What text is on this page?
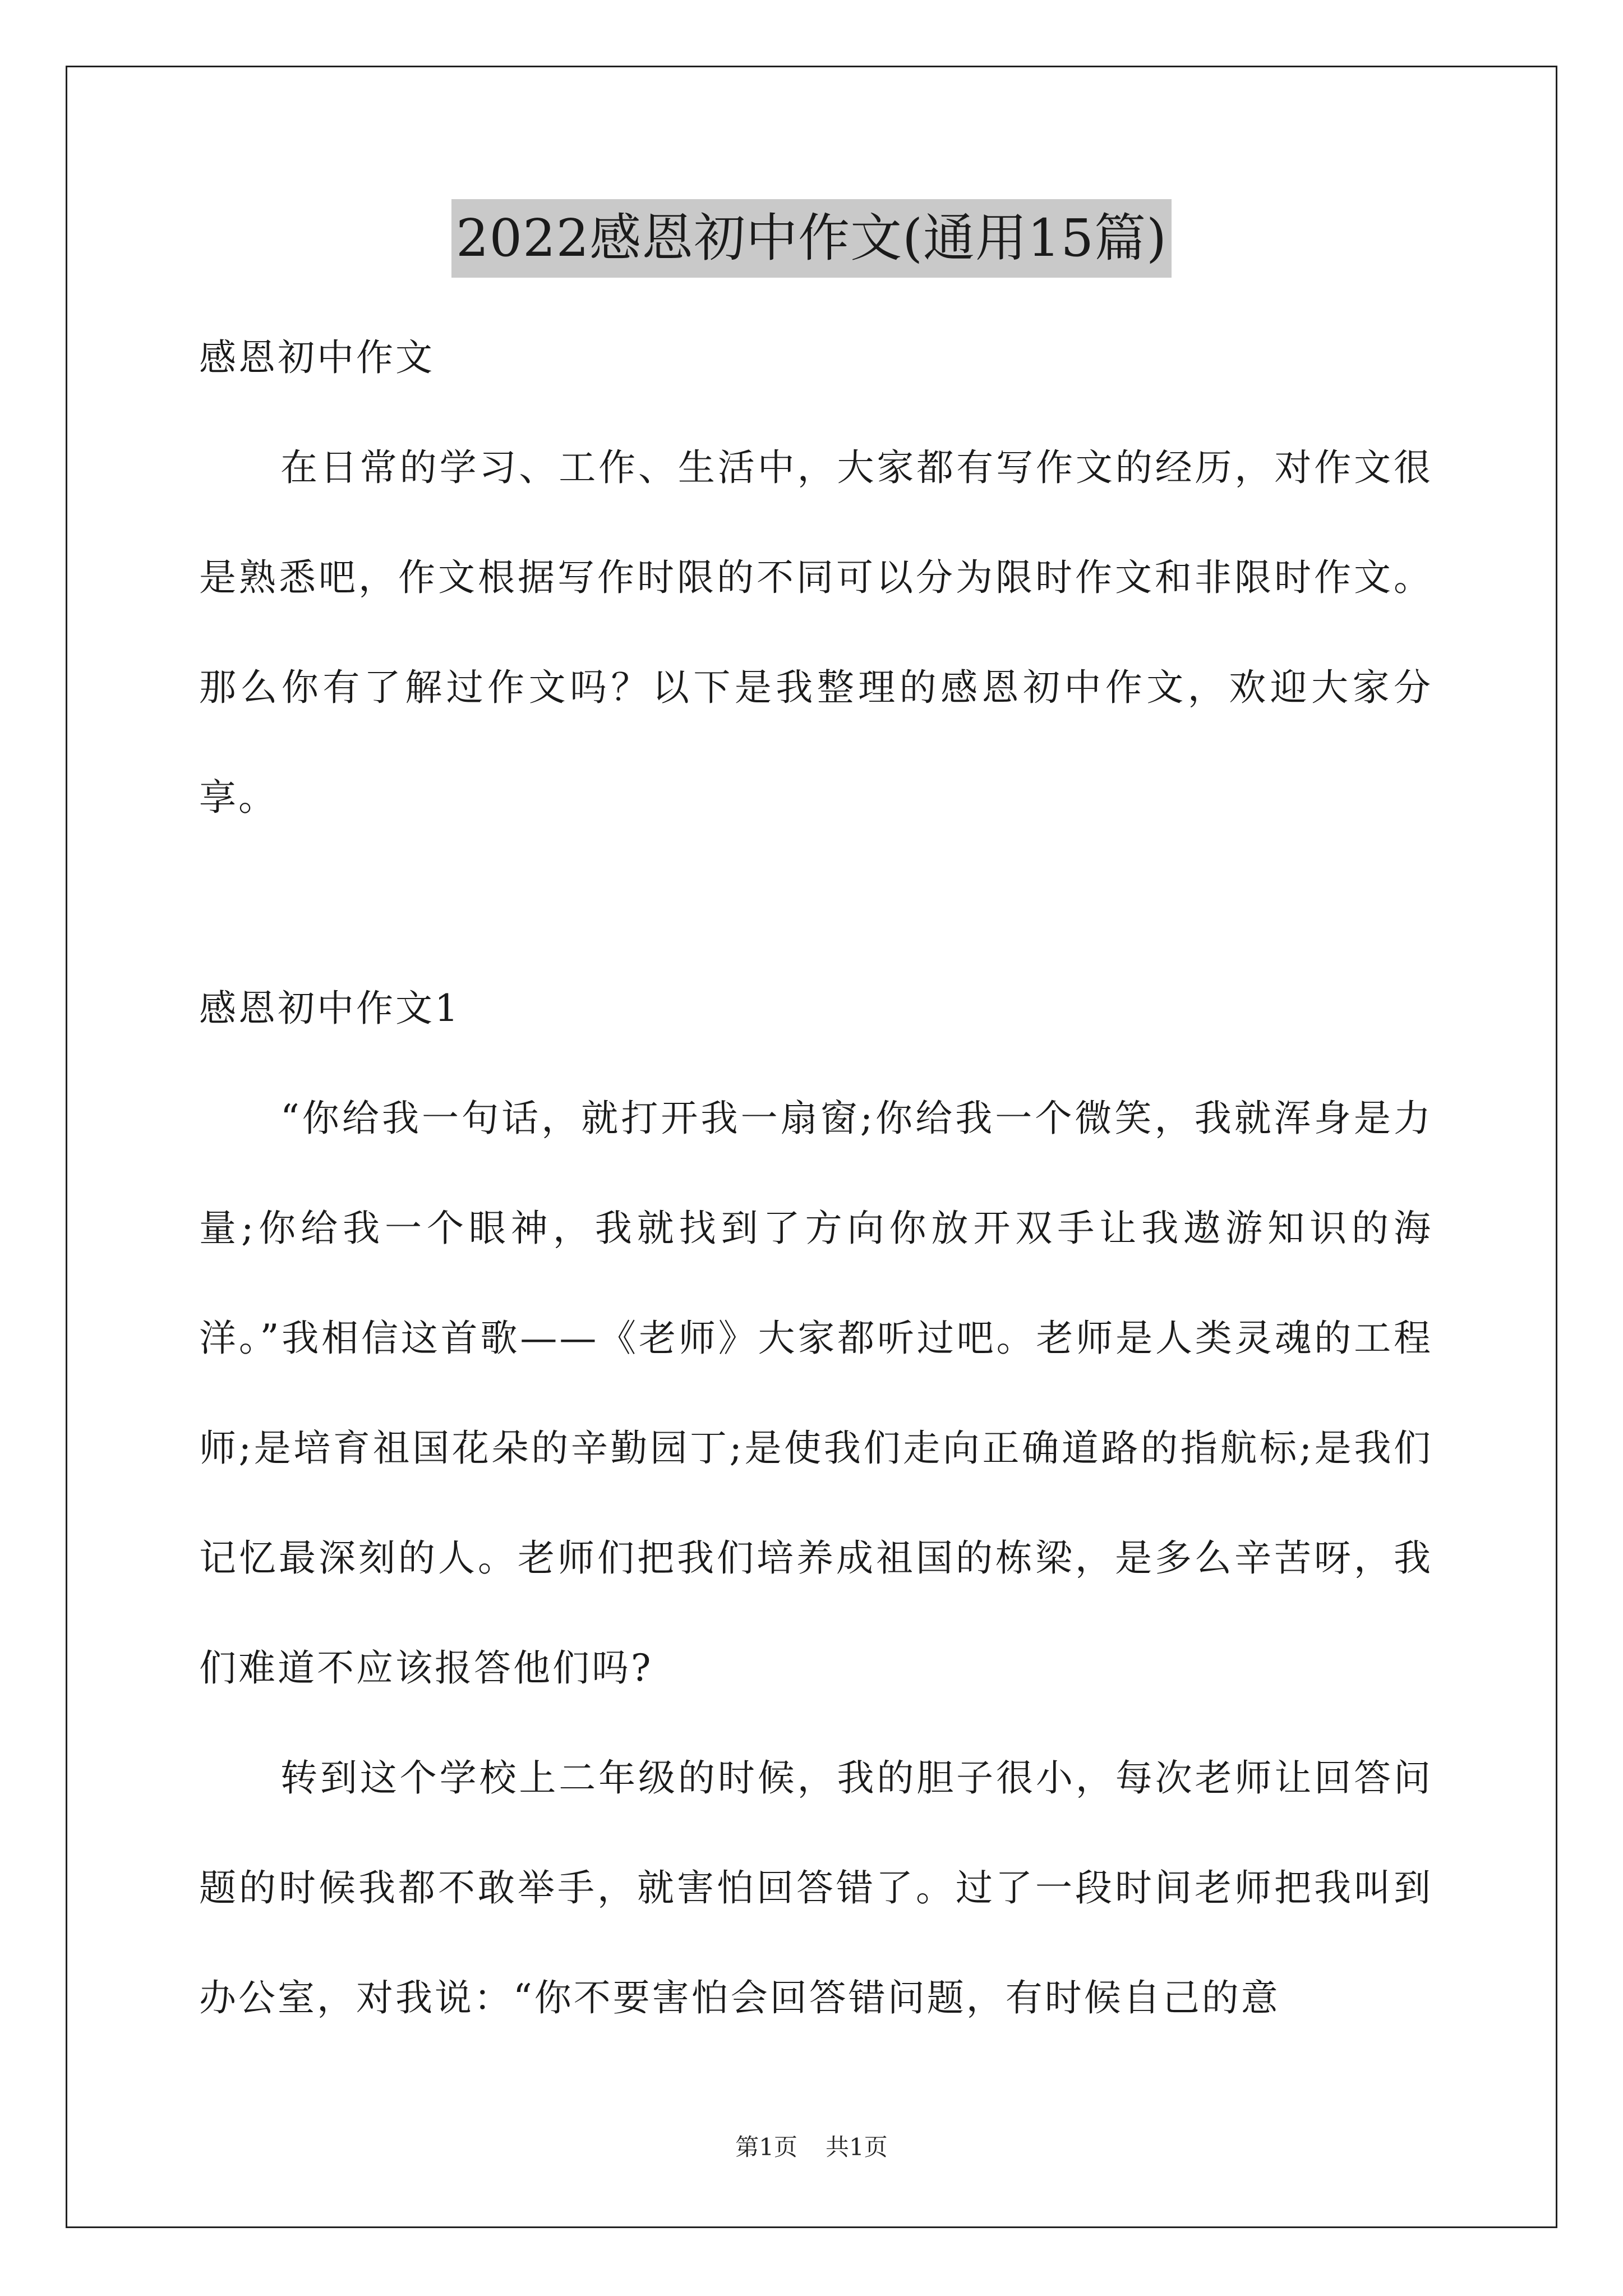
2022感恩初中作文(通用15篇)

感恩初中作文

在日常的学习、工作、生活中，大家都有写作文的经历，对作文很是熟悉吧，作文根据写作时限的不同可以分为限时作文和非限时作文。那么你有了解过作文吗？以下是我整理的感恩初中作文，欢迎大家分享。

感恩初中作文1

“你给我一句话，就打开我一扇窗;你给我一个微笑，我就浑身是力量;你给我一个眼神，我就找到了方向你放开双手让我遨游知识的海洋。”我相信这首歌——《老师》大家都听过吧。老师是人类灵魂的工程师;是培育祖国花朵的辛勤园丁;是使我们走向正确道路的指航标;是我们记忆最深刻的人。老师们把我们培养成祖国的栋梁，是多么辛苦呀，我们难道不应该报答他们吗?

转到这个学校上二年级的时候，我的胆子很小，每次老师让回答问题的时候我都不敢举手，就害怕回答错了。过了一段时间老师把我叫到办公室，对我说：“你不要害怕会回答错问题，有时候自己的意

第1页 共1页
